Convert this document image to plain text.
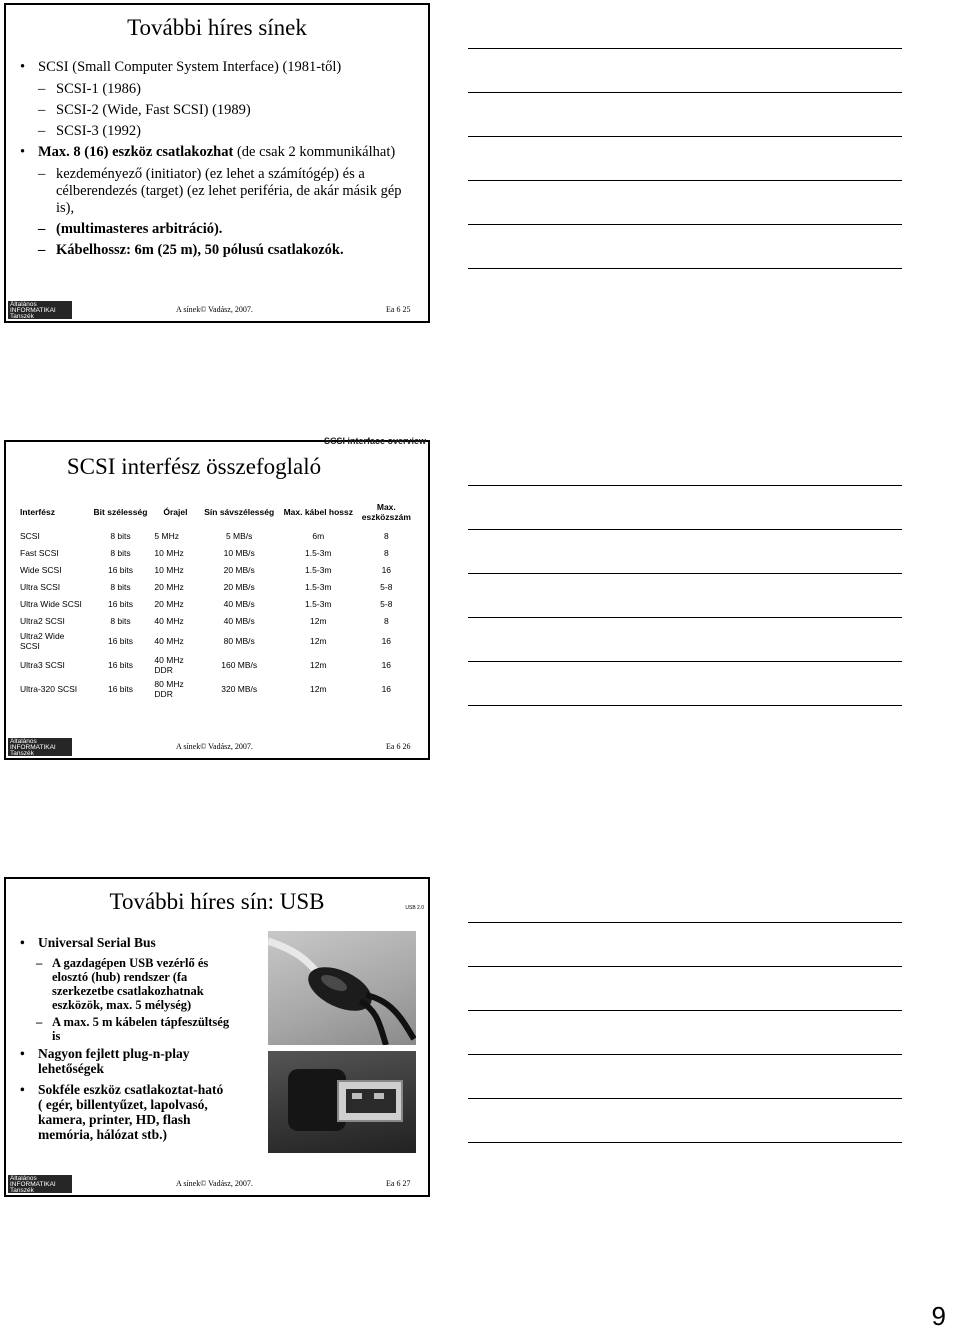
További híres sínek
• SCSI (Small Computer System Interface) (1981-től)
– SCSI-1 (1986)
– SCSI-2 (Wide, Fast SCSI) (1989)
– SCSI-3 (1992)
• Max. 8 (16) eszköz csatlakozhat (de csak 2 kommunikálhat)
– kezdeményező (initiator) (ez lehet a számítógép) és a célberendezés (target) (ez lehet periféria, de akár másik gép is),
– (multimasteres arbitráció).
– Kábelhossz: 6m (25 m), 50 pólusú csatlakozók.
Általános
INFORMATIKAI
Tanszék
A sínek© Vadász, 2007.	Ea 6 25
SCSI interface overview
SCSI interfész összefoglaló
Interfész	Bit szélesség	Órajel	Sín sávszélesség	Max. kábel hossz	Max. eszközszám
SCSI	8 bits	5 MHz	5 MB/s	6m	8
Fast SCSI	8 bits	10 MHz	10 MB/s	1.5-3m	8
Wide SCSI	16 bits	10 MHz	20 MB/s	1.5-3m	16
Ultra SCSI	8 bits	20 MHz	20 MB/s	1.5-3m	5-8
Ultra Wide SCSI	16 bits	20 MHz	40 MB/s	1.5-3m	5-8
Ultra2 SCSI	8 bits	40 MHz	40 MB/s	12m	8
Ultra2 Wide SCSI	16 bits	40 MHz	80 MB/s	12m	16
Ultra3 SCSI	16 bits	40 MHz DDR	160 MB/s	12m	16
Ultra-320 SCSI	16 bits	80 MHz DDR	320 MB/s	12m	16
Általános
INFORMATIKAI
Tanszék
A sínek© Vadász, 2007.	Ea 6 26
További híres sín: USB	USB 2.0
• Universal Serial Bus
– A gazdagépen USB vezérlő és elosztó (hub) rendszer (fa szerkezetbe csatlakozhatnak eszközök, max. 5 mélység)
– A max. 5 m kábelen tápfeszültség is
• Nagyon fejlett plug-n-play lehetőségek
• Sokféle eszköz csatlakoztat-ható ( egér, billentyűzet, lapolvasó, kamera, printer, HD, flash memória, hálózat stb.)
Általános
INFORMATIKAI
Tanszék
A sínek© Vadász, 2007.	Ea 6 27
9
